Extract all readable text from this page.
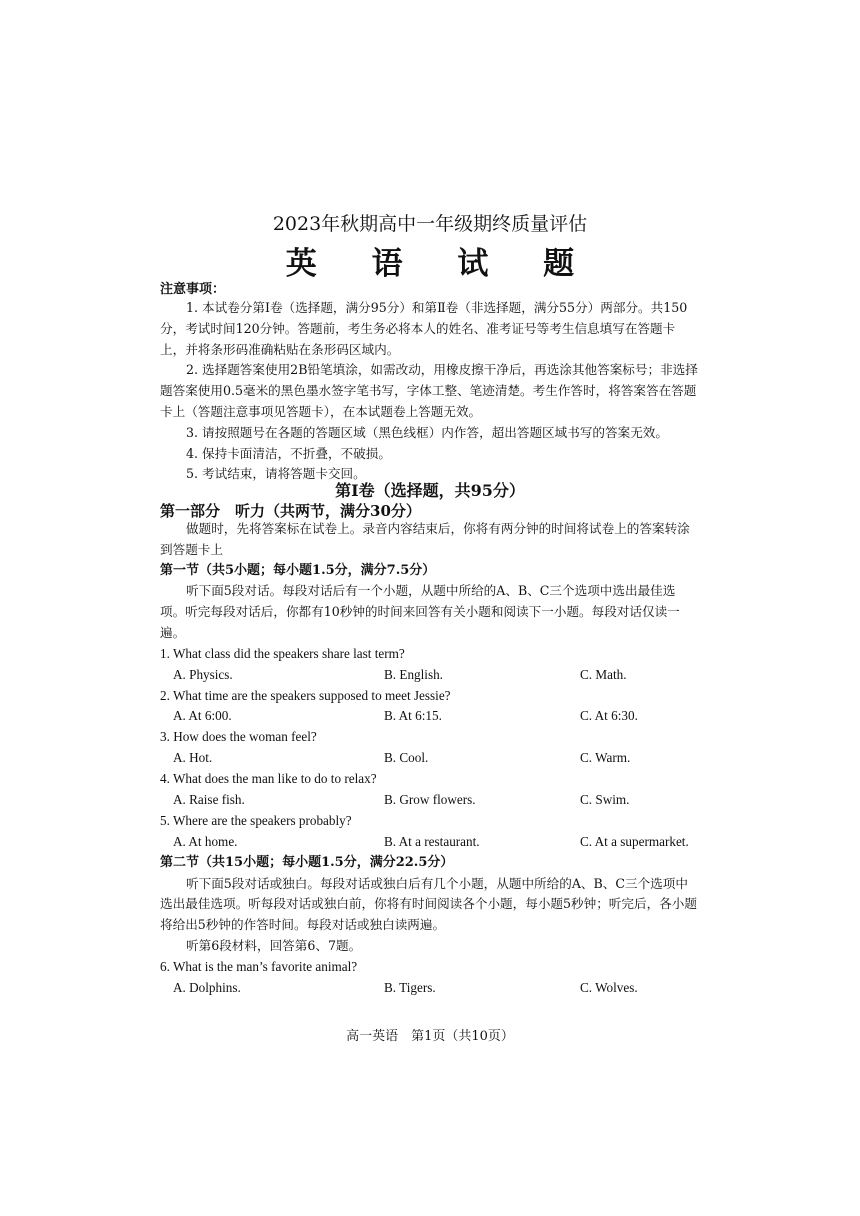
2023年秋期高中一年级期终质量评估
英 语 试 题
注意事项：

1. 本试卷分第Ⅰ卷（选择题，满分95分）和第Ⅱ卷（非选择题，满分55分）两部分。共150分，考试时间120分钟。答题前，考生务必将本人的姓名、准考证号等考生信息填写在答题卡上，并将条形码准确粘贴在条形码区域内。

2. 选择题答案使用2B铅笔填涂，如需改动，用橡皮擦干净后，再选涂其他答案标号；非选择题答案使用0.5毫米的黑色墨水签字笔书写，字体工整、笔迹清楚。考生作答时，将答案答在答题卡上（答题注意事项见答题卡），在本试题卷上答题无效。

3. 请按照题号在各题的答题区域（黑色线框）内作答，超出答题区域书写的答案无效。

4. 保持卡面清洁，不折叠，不破损。

5. 考试结束，请将答题卡交回。

第Ⅰ卷（选择题，共95分）
第一部分　听力（共两节，满分30分）

做题时，先将答案标在试卷上。录音内容结束后，你将有两分钟的时间将试卷上的答案转涂到答题卡上

第一节（共5小题；每小题1.5分，满分7.5分）

听下面5段对话。每段对话后有一个小题，从题中所给的A、B、C三个选项中选出最佳选项。听完每段对话后，你都有10秒钟的时间来回答有关小题和阅读下一小题。每段对话仅读一遍。

1. What class did the speakers share last term?
A. Physics.	B. English.	C. Math.
2. What time are the speakers supposed to meet Jessie?
A. At 6:00.	B. At 6:15.	C. At 6:30.
3. How does the woman feel?
A. Hot.	B. Cool.	C. Warm.
4. What does the man like to do to relax?
A. Raise fish.	B. Grow flowers.	C. Swim.
5. Where are the speakers probably?
A. At home.	B. At a restaurant.	C. At a supermarket.

第二节（共15小题；每小题1.5分，满分22.5分）

听下面5段对话或独白。每段对话或独白后有几个小题，从题中所给的A、B、C三个选项中选出最佳选项。听每段对话或独白前，你将有时间阅读各个小题，每小题5秒钟；听完后，各小题将给出5秒钟的作答时间。每段对话或独白读两遍。

听第6段材料，回答第6、7题。

6. What is the man’s favorite animal?
A. Dolphins.	B. Tigers.	C. Wolves.
高一英语　第1页（共10页）
